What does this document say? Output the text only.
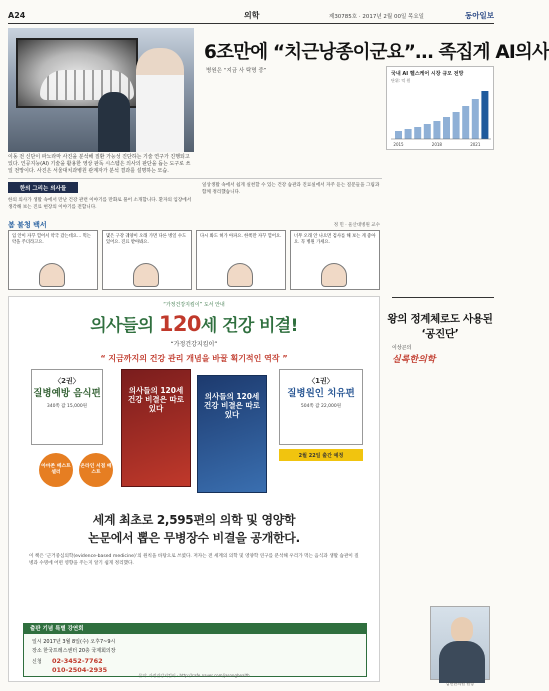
A24	의학	제30785호 · 2017년 2월 00일 목요일	동아일보
이동 전 신단이 파노라마 사진을 분석해 질환 가능성 진단하는 기술 연구가 진행되고 있다. 인공지능(AI) 기술을 활용한 영상 판독 시스템은 의사의 판단을 돕는 도구로 쓰일 전망이다. 사진은 서울대치과병원 관계자가 분석 결과를 설명하는 모습.
6조만에 “치근낭종이군요”… 족집게 AI의사
병원은 “지금 사 탁명 중”	국내 AI 헬스케어 시장 규모 전망
단위: 억 원
2015	2018	2021
한의 그리는 의사들
한의 의사가 생활 속에서 만난 건강 관련 이야기를 만화로 풀어 소개합니다. 환자의 입장에서 생각해 보는 진료 현장의 이야기를 전합니다.
일상생활 속에서 쉽게 실천할 수 있는 건강 습관과 진료실에서 자주 듣는 질문들을 그림과 함께 정리했습니다.
봄 불청 백서	정 민 · 울산대병원 교수
입 안이 자꾸 헐어서 약국 갔는데요… 먹는 약을 주더라고요.
몇은 구강 궤양이 오래 가면 다른 병일 수도 있어요. 진료 받아봐요.
다시 봐도 혀가 아파요. 한쪽만 자꾸 헐어요.	너무 오래 안 나으면 검사를 해 보는 게 좋아요. 꼭 병원 가세요.
“가정건강지킴이” 도서 안내
의사들의 120세 건강 비결!
“가정건강지킴이”
“ 지금까지의 건강 관리 개념을 바꿀 획기적인 역작 ”
〈2권〉
질병예방 음식편
340쪽 값 15,000원
의사들의 120세 건강 비결은 따로 있다
의사들의 120세 건강 비결은 따로 있다
〈1권〉
질병원인 치유편
504쪽 값 22,000원
아마존 베스트셀러
온라인 서점 베스트
2월 22일 출간 예정
세계 최초로 2,595편의 의학 및 영양학
논문에서 뽑은 무병장수 비결을 공개한다.
이 책은 ‘근거중심의학(evidence-based medicine)’의 원칙을 바탕으로 쓰였다. 저자는 전 세계의 의학 및 영양학 연구를 분석해 우리가 먹는 음식과 생활 습관이 질병과 수명에 어떤 영향을 주는지 알기 쉽게 정리했다.
출판 기념 특별 강연회
일시 2017년 3월 8일(수) 오후7~9시
장소 한국프레스센터 20층 국제회의장
신청 02-3452-7762
010-2504-2935
문의: 가정건강지킴이 · http://cafe.naver.com/jasonghealth
왕의 정계체로도 사용된 ‘공진단’
이상곤의
실록한의학
갑산한의원 원장
